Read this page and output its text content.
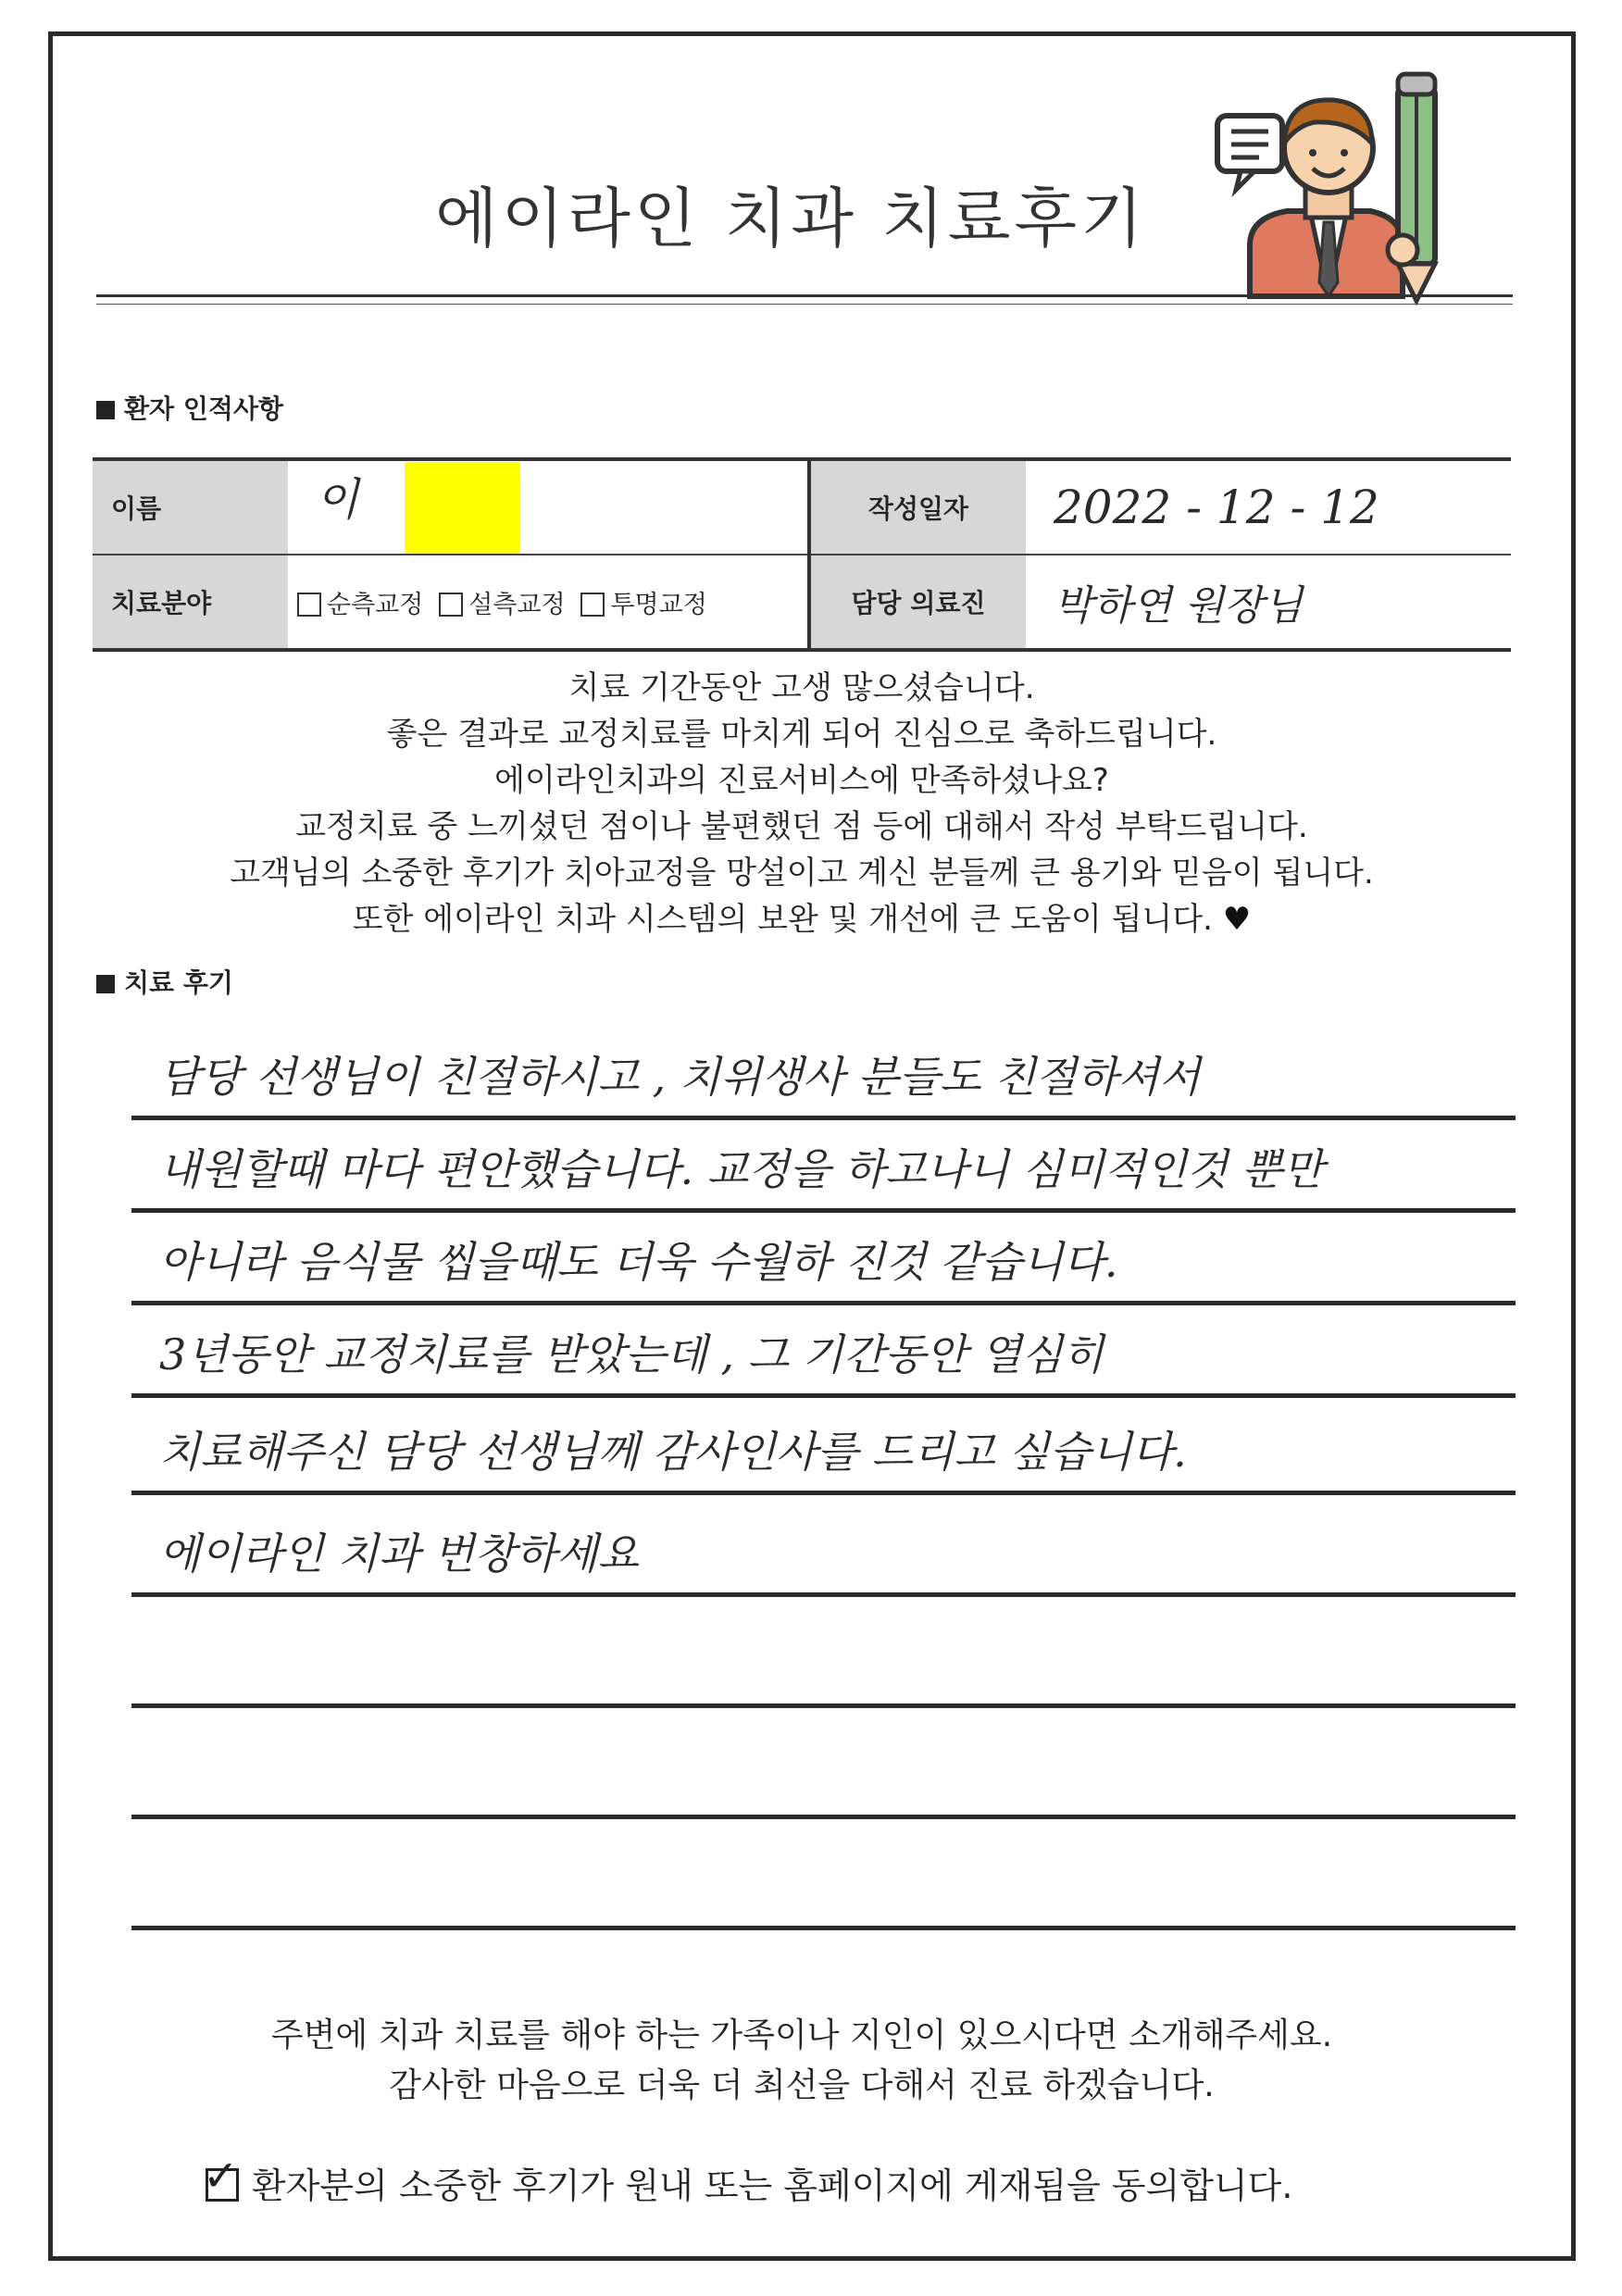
에이라인 치과 치료후기
환자 인적사항
이름	이	작성일자	2022 - 12 - 12
치료분야	순측교정 설측교정 투명교정	담당 의료진	박하연 원장님
치료 기간동안 고생 많으셨습니다.
좋은 결과로 교정치료를 마치게 되어 진심으로 축하드립니다.
에이라인치과의 진료서비스에 만족하셨나요?
교정치료 중 느끼셨던 점이나 불편했던 점 등에 대해서 작성 부탁드립니다.
고객님의 소중한 후기가 치아교정을 망설이고 계신 분들께 큰 용기와 믿음이 됩니다.
또한 에이라인 치과 시스템의 보완 및 개선에 큰 도움이 됩니다. ♥
치료 후기
담당 선생님이 친절하시고 , 치위생사 분들도 친절하셔서
내원할때 마다 편안했습니다. 교정을 하고나니 심미적인것 뿐만
아니라 음식물 씹을때도 더욱 수월하 진것 같습니다.
3년동안 교정치료를 받았는데 , 그 기간동안 열심히
치료해주신 담당 선생님께 감사인사를 드리고 싶습니다.
에이라인 치과 번창하세요
주변에 치과 치료를 해야 하는 가족이나 지인이 있으시다면 소개해주세요.
감사한 마음으로 더욱 더 최선을 다해서 진료 하겠습니다.
✓ 환자분의 소중한 후기가 원내 또는 홈페이지에 게재됨을 동의합니다.
